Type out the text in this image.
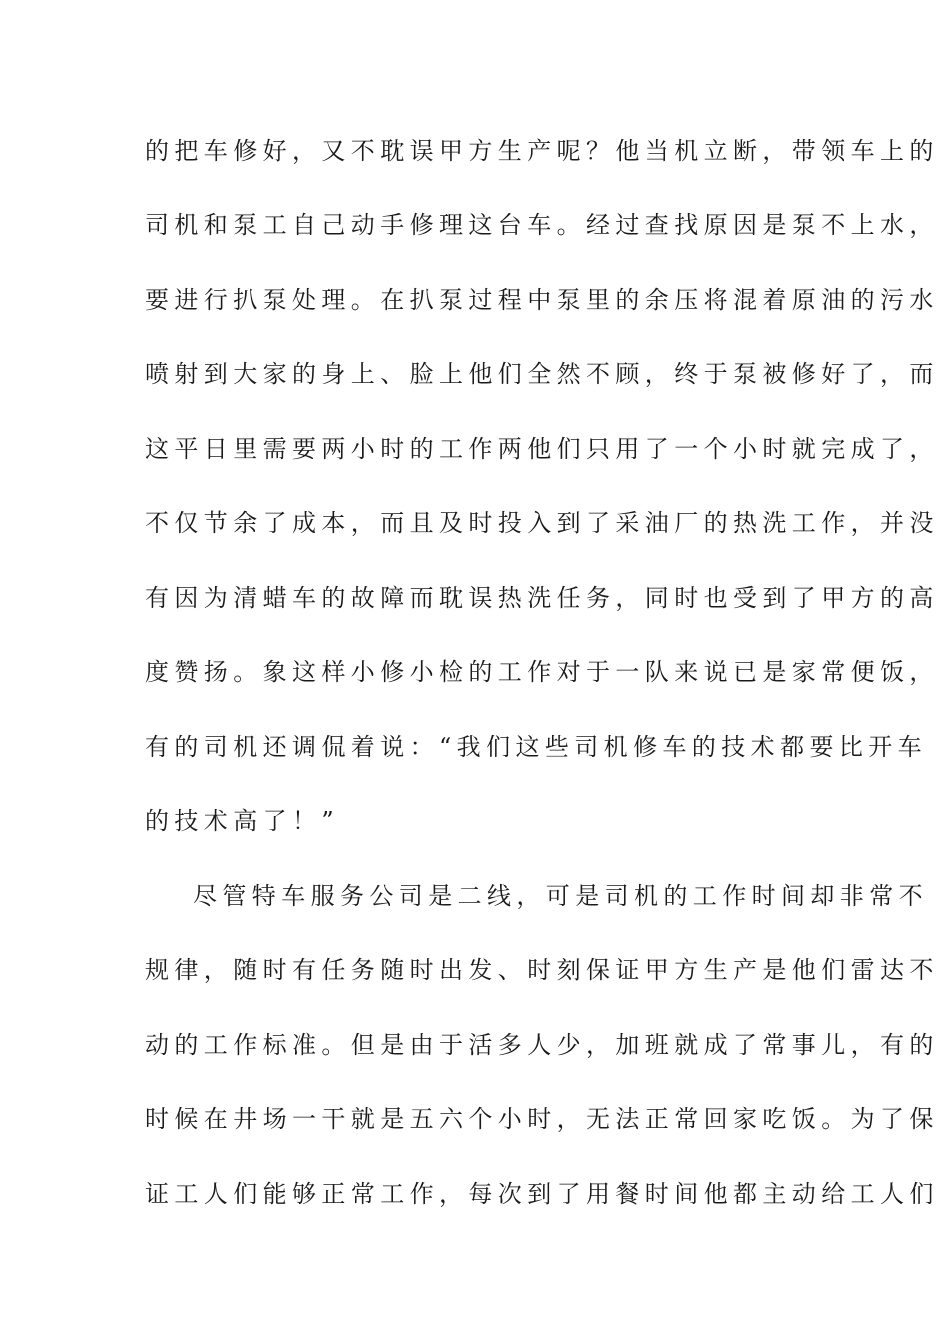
的把车修好，又不耽误甲方生产呢？他当机立断，带领车上的
司机和泵工自己动手修理这台车。经过查找原因是泵不上水，
要进行扒泵处理。在扒泵过程中泵里的余压将混着原油的污水
喷射到大家的身上、脸上他们全然不顾，终于泵被修好了，而
这平日里需要两小时的工作两他们只用了一个小时就完成了，
不仅节余了成本，而且及时投入到了采油厂的热洗工作，并没
有因为清蜡车的故障而耽误热洗任务，同时也受到了甲方的高
度赞扬。象这样小修小检的工作对于一队来说已是家常便饭，
有的司机还调侃着说：“我们这些司机修车的技术都要比开车
的技术高了！”
尽管特车服务公司是二线，可是司机的工作时间却非常不
规律，随时有任务随时出发、时刻保证甲方生产是他们雷达不
动的工作标准。但是由于活多人少，加班就成了常事儿，有的
时候在井场一干就是五六个小时，无法正常回家吃饭。为了保
证工人们能够正常工作，每次到了用餐时间他都主动给工人们
